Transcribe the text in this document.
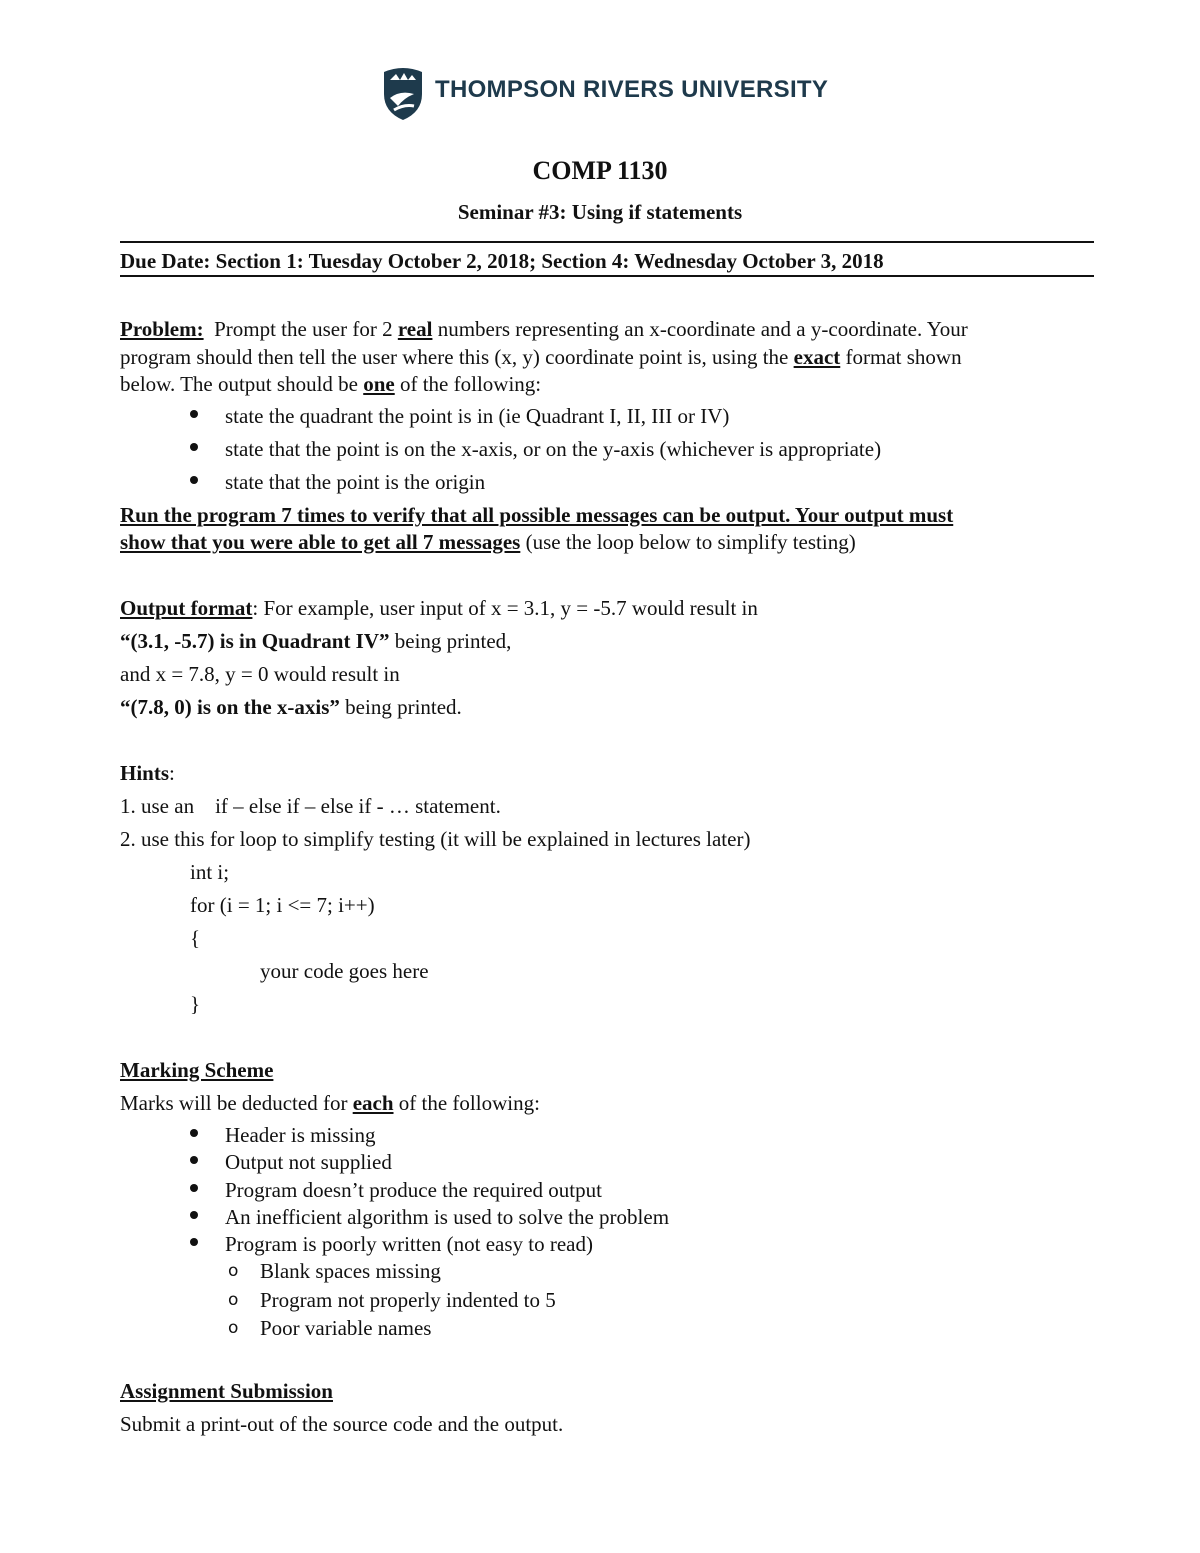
THOMPSON RIVERS UNIVERSITY
COMP 1130
Seminar #3: Using if statements
Due Date: Section 1: Tuesday October 2, 2018; Section 4: Wednesday October 3, 2018
Problem: Prompt the user for 2 real numbers representing an x-coordinate and a y-coordinate. Your
program should then tell the user where this (x, y) coordinate point is, using the exact format shown
below. The output should be one of the following:
state the quadrant the point is in (ie Quadrant I, II, III or IV)
state that the point is on the x-axis, or on the y-axis (whichever is appropriate)
state that the point is the origin
Run the program 7 times to verify that all possible messages can be output. Your output must
show that you were able to get all 7 messages (use the loop below to simplify testing)
Output format: For example, user input of x = 3.1, y = -5.7 would result in
“(3.1, -5.7) is in Quadrant IV” being printed,
and x = 7.8, y = 0 would result in
“(7.8, 0) is on the x-axis” being printed.
Hints:
1. use an if – else if – else if - … statement.
2. use this for loop to simplify testing (it will be explained in lectures later)
int i;
for (i = 1; i <= 7; i++)
{
your code goes here
}
Marking Scheme
Marks will be deducted for each of the following:
Header is missing
Output not supplied
Program doesn’t produce the required output
An inefficient algorithm is used to solve the problem
Program is poorly written (not easy to read)
o Blank spaces missing
o Program not properly indented to 5
o Poor variable names
Assignment Submission
Submit a print-out of the source code and the output.
